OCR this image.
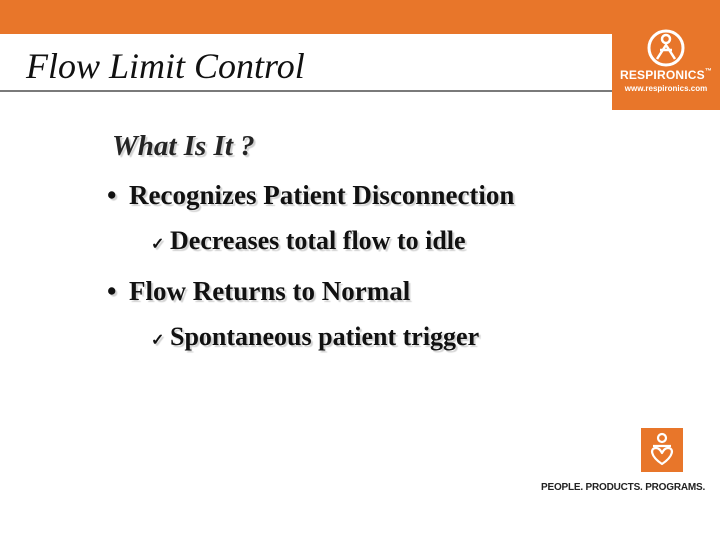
Flow Limit Control	RESPIRONICS™
www.respironics.com
What Is It ?
• Recognizes Patient Disconnection
✓ Decreases total flow to idle
• Flow Returns to Normal
✓ Spontaneous patient trigger
PEOPLE. PRODUCTS. PROGRAMS.
